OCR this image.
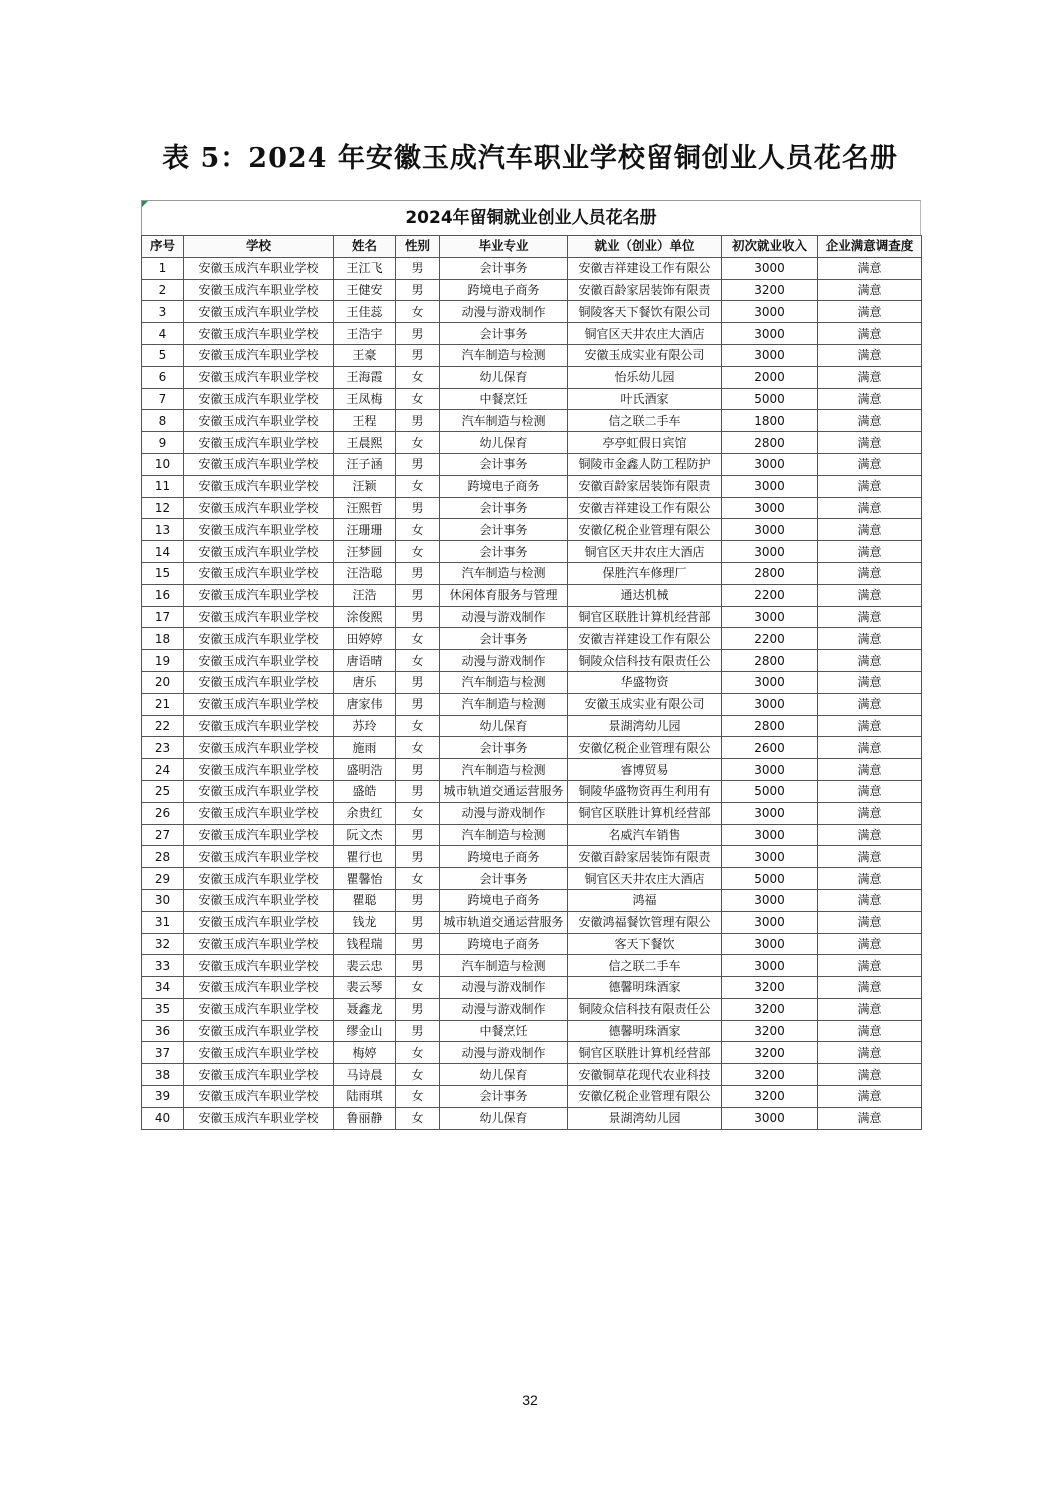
表 5：2024 年安徽玉成汽车职业学校留铜创业人员花名册
2024年留铜就业创业人员花名册
序号	学校	姓名	性别	毕业专业	就业（创业）单位	初次就业收入	企业满意调查度
1	安徽玉成汽车职业学校	王江飞	男	会计事务	安徽吉祥建设工作有限公	3000	满意
2	安徽玉成汽车职业学校	王健安	男	跨境电子商务	安徽百龄家居装饰有限责	3200	满意
3	安徽玉成汽车职业学校	王佳蕊	女	动漫与游戏制作	铜陵客天下餐饮有限公司	3000	满意
4	安徽玉成汽车职业学校	王浩宇	男	会计事务	铜官区天井农庄大酒店	3000	满意
5	安徽玉成汽车职业学校	王豪	男	汽车制造与检测	安徽玉成实业有限公司	3000	满意
6	安徽玉成汽车职业学校	王海霞	女	幼儿保育	怡乐幼儿园	2000	满意
7	安徽玉成汽车职业学校	王凤梅	女	中餐烹饪	叶氏酒家	5000	满意
8	安徽玉成汽车职业学校	王程	男	汽车制造与检测	信之联二手车	1800	满意
9	安徽玉成汽车职业学校	王晨熙	女	幼儿保育	亭亭虹假日宾馆	2800	满意
10	安徽玉成汽车职业学校	汪子涵	男	会计事务	铜陵市金鑫人防工程防护	3000	满意
11	安徽玉成汽车职业学校	汪颖	女	跨境电子商务	安徽百龄家居装饰有限责	3000	满意
12	安徽玉成汽车职业学校	汪熙哲	男	会计事务	安徽吉祥建设工作有限公	3000	满意
13	安徽玉成汽车职业学校	汪珊珊	女	会计事务	安徽亿税企业管理有限公	3000	满意
14	安徽玉成汽车职业学校	汪梦圆	女	会计事务	铜官区天井农庄大酒店	3000	满意
15	安徽玉成汽车职业学校	汪浩聪	男	汽车制造与检测	保胜汽车修理厂	2800	满意
16	安徽玉成汽车职业学校	汪浩	男	休闲体育服务与管理	通达机械	2200	满意
17	安徽玉成汽车职业学校	涂俊熙	男	动漫与游戏制作	铜官区联胜计算机经营部	3000	满意
18	安徽玉成汽车职业学校	田婷婷	女	会计事务	安徽吉祥建设工作有限公	2200	满意
19	安徽玉成汽车职业学校	唐语晴	女	动漫与游戏制作	铜陵众信科技有限责任公	2800	满意
20	安徽玉成汽车职业学校	唐乐	男	汽车制造与检测	华盛物资	3000	满意
21	安徽玉成汽车职业学校	唐家伟	男	汽车制造与检测	安徽玉成实业有限公司	3000	满意
22	安徽玉成汽车职业学校	苏玲	女	幼儿保育	景湖湾幼儿园	2800	满意
23	安徽玉成汽车职业学校	施雨	女	会计事务	安徽亿税企业管理有限公	2600	满意
24	安徽玉成汽车职业学校	盛明浩	男	汽车制造与检测	睿博贸易	3000	满意
25	安徽玉成汽车职业学校	盛皓	男	城市轨道交通运营服务	铜陵华盛物资再生利用有	5000	满意
26	安徽玉成汽车职业学校	余贵红	女	动漫与游戏制作	铜官区联胜计算机经营部	3000	满意
27	安徽玉成汽车职业学校	阮文杰	男	汽车制造与检测	名威汽车销售	3000	满意
28	安徽玉成汽车职业学校	瞿行也	男	跨境电子商务	安徽百龄家居装饰有限责	3000	满意
29	安徽玉成汽车职业学校	瞿馨怡	女	会计事务	铜官区天井农庄大酒店	5000	满意
30	安徽玉成汽车职业学校	瞿聪	男	跨境电子商务	鸿福	3000	满意
31	安徽玉成汽车职业学校	钱龙	男	城市轨道交通运营服务	安徽鸿福餐饮管理有限公	3000	满意
32	安徽玉成汽车职业学校	钱程瑞	男	跨境电子商务	客天下餐饮	3000	满意
33	安徽玉成汽车职业学校	裴云忠	男	汽车制造与检测	信之联二手车	3000	满意
34	安徽玉成汽车职业学校	裴云琴	女	动漫与游戏制作	德馨明珠酒家	3200	满意
35	安徽玉成汽车职业学校	聂鑫龙	男	动漫与游戏制作	铜陵众信科技有限责任公	3200	满意
36	安徽玉成汽车职业学校	缪金山	男	中餐烹饪	德馨明珠酒家	3200	满意
37	安徽玉成汽车职业学校	梅婷	女	动漫与游戏制作	铜官区联胜计算机经营部	3200	满意
38	安徽玉成汽车职业学校	马诗晨	女	幼儿保育	安徽铜草花现代农业科技	3200	满意
39	安徽玉成汽车职业学校	陆雨琪	女	会计事务	安徽亿税企业管理有限公	3200	满意
40	安徽玉成汽车职业学校	鲁丽静	女	幼儿保育	景湖湾幼儿园	3000	满意
32
